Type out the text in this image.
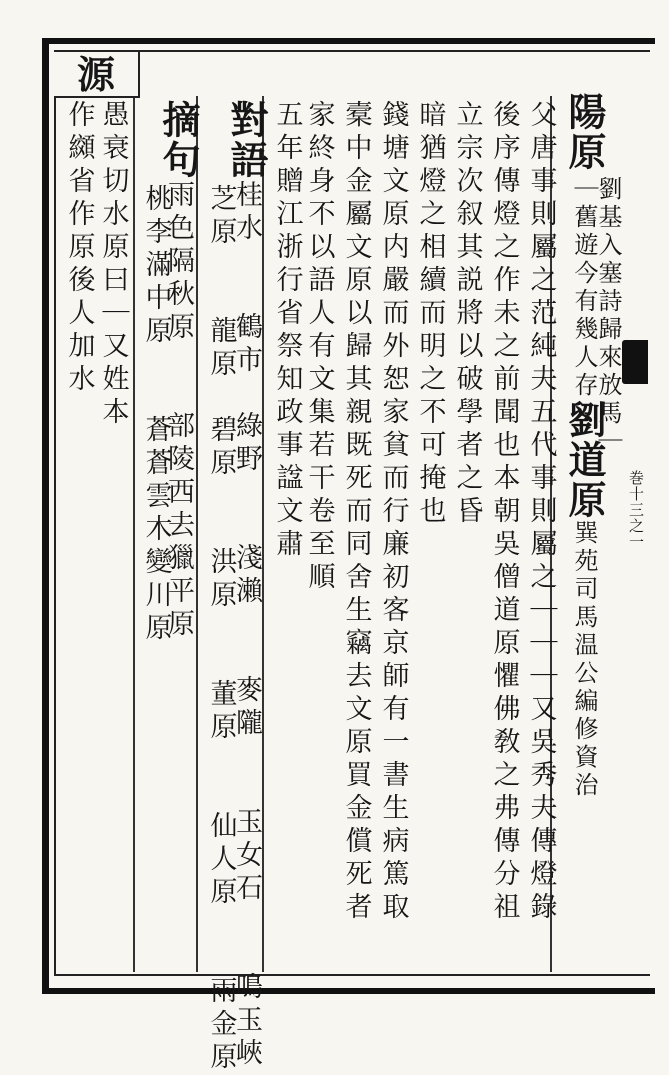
源
巻十三之一
陽原
父唐事則屬之范純夫五代事則屬之｜｜｜又吳秀夫傳燈錄
後序傳燈之作未之前聞也本朝吳僧道原懼佛敎之弗傳分祖
立宗次叙其説將以破學者之昏
暗猶燈之相續而明之不可掩也
錢塘文原内嚴而外恕家貧而行廉初客京師有一書生病篤取
槖中金屬文原以歸其親既死而同舍生竊去文原買金償死者
家終身不以語人有文集若干卷至順
五年贈江浙行省祭知政事諡文肅
對語桂水　　鶴市　綠野　　淺瀨　　麥隴　　玉女石　　鳴玉峽
芝原　　龍原　碧原　　洪原　　董原　　仙人原　　雨金原
摘句雨色隔秋原　　部陵西去獵平原
桃李滿中原　　蒼蒼雲木變川原
愚衰切水原曰｜又姓本
作纐省作原後人加水	劉基入塞詩歸來放馬｜
｜舊遊今有幾人存劉道原巽苑司馬温公編修資治
